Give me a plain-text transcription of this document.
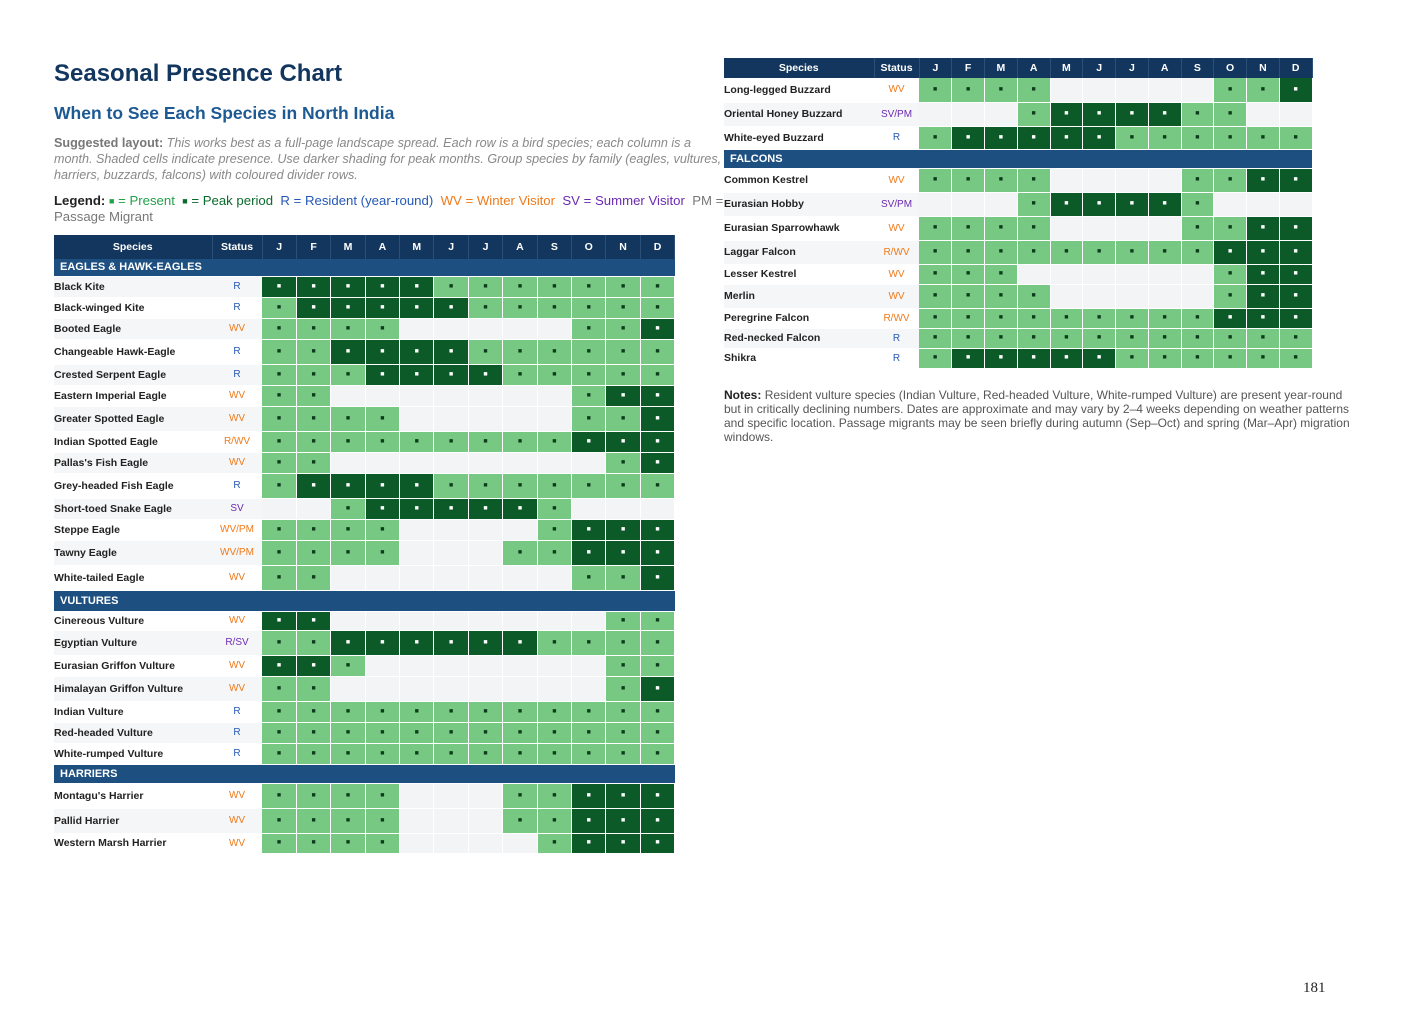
Seasonal Presence Chart
When to See Each Species in North India

Suggested layout: This works best as a full-page landscape spread. Each row is a bird species; each column is a month. Shaded cells indicate presence. Use darker shading for peak months. Group species by family (eagles, vultures, harriers, buzzards, falcons) with coloured divider rows.

Legend: ■ = Present ■ = Peak period R = Resident (year-round) WV = Winter Visitor SV = Summer Visitor PM = Passage Migrant

Species	Status	J	F	M	A	M	J	J	A	S	O	N	D
EAGLES & HAWK-EAGLES													
Black Kite	R	■	■	■	■	■	■	■	■	■	■	■	■
Black-winged Kite	R	■	■	■	■	■	■	■	■	■	■	■	■
Booted Eagle	WV	■	■	■	■						■	■	■
Changeable Hawk-Eagle	R	■	■	■	■	■	■	■	■	■	■	■	■
Crested Serpent Eagle	R	■	■	■	■	■	■	■	■	■	■	■	■
Eastern Imperial Eagle	WV	■	■								■	■	■
Greater Spotted Eagle	WV	■	■	■	■						■	■	■
Indian Spotted Eagle	R/WV	■	■	■	■	■	■	■	■	■	■	■	■
Pallas's Fish Eagle	WV	■	■									■	■
Grey-headed Fish Eagle	R	■	■	■	■	■	■	■	■	■	■	■	■
Short-toed Snake Eagle	SV			■	■	■	■	■	■	■			
Steppe Eagle	WV/PM	■	■	■	■					■	■	■	■
Tawny Eagle	WV/PM	■	■	■	■				■	■	■	■	■
White-tailed Eagle	WV	■	■								■	■	■
VULTURES													
Cinereous Vulture	WV	■	■									■	■
Egyptian Vulture	R/SV	■	■	■	■	■	■	■	■	■	■	■	■
Eurasian Griffon Vulture	WV	■	■	■								■	■
Himalayan Griffon Vulture	WV	■	■									■	■
Indian Vulture	R	■	■	■	■	■	■	■	■	■	■	■	■
Red-headed Vulture	R	■	■	■	■	■	■	■	■	■	■	■	■
White-rumped Vulture	R	■	■	■	■	■	■	■	■	■	■	■	■
HARRIERS													
Montagu's Harrier	WV	■	■	■	■				■	■	■	■	■
Pallid Harrier	WV	■	■	■	■				■	■	■	■	■
Western Marsh Harrier	WV	■	■	■	■					■	■	■	■
Species	Status	J	F	M	A	M	J	J	A	S	O	N	D
Long-legged Buzzard	WV	■	■	■	■						■	■	■
Oriental Honey Buzzard	SV/PM				■	■	■	■	■	■	■		
White-eyed Buzzard	R	■	■	■	■	■	■	■	■	■	■	■	■
FALCONS													
Common Kestrel	WV	■	■	■	■					■	■	■	■
Eurasian Hobby	SV/PM				■	■	■	■	■	■			
Eurasian Sparrowhawk	WV	■	■	■	■					■	■	■	■
Laggar Falcon	R/WV	■	■	■	■	■	■	■	■	■	■	■	■
Lesser Kestrel	WV	■	■	■							■	■	■
Merlin	WV	■	■	■	■						■	■	■
Peregrine Falcon	R/WV	■	■	■	■	■	■	■	■	■	■	■	■
Red-necked Falcon	R	■	■	■	■	■	■	■	■	■	■	■	■
Shikra	R	■	■	■	■	■	■	■	■	■	■	■	■

Notes: Resident vulture species (Indian Vulture, Red-headed Vulture, White-rumped Vulture) are present year-round but in critically declining numbers. Dates are approximate and may vary by 2–4 weeks depending on weather patterns and specific location. Passage migrants may be seen briefly during autumn (Sep–Oct) and spring (Mar–Apr) migration windows.

181
